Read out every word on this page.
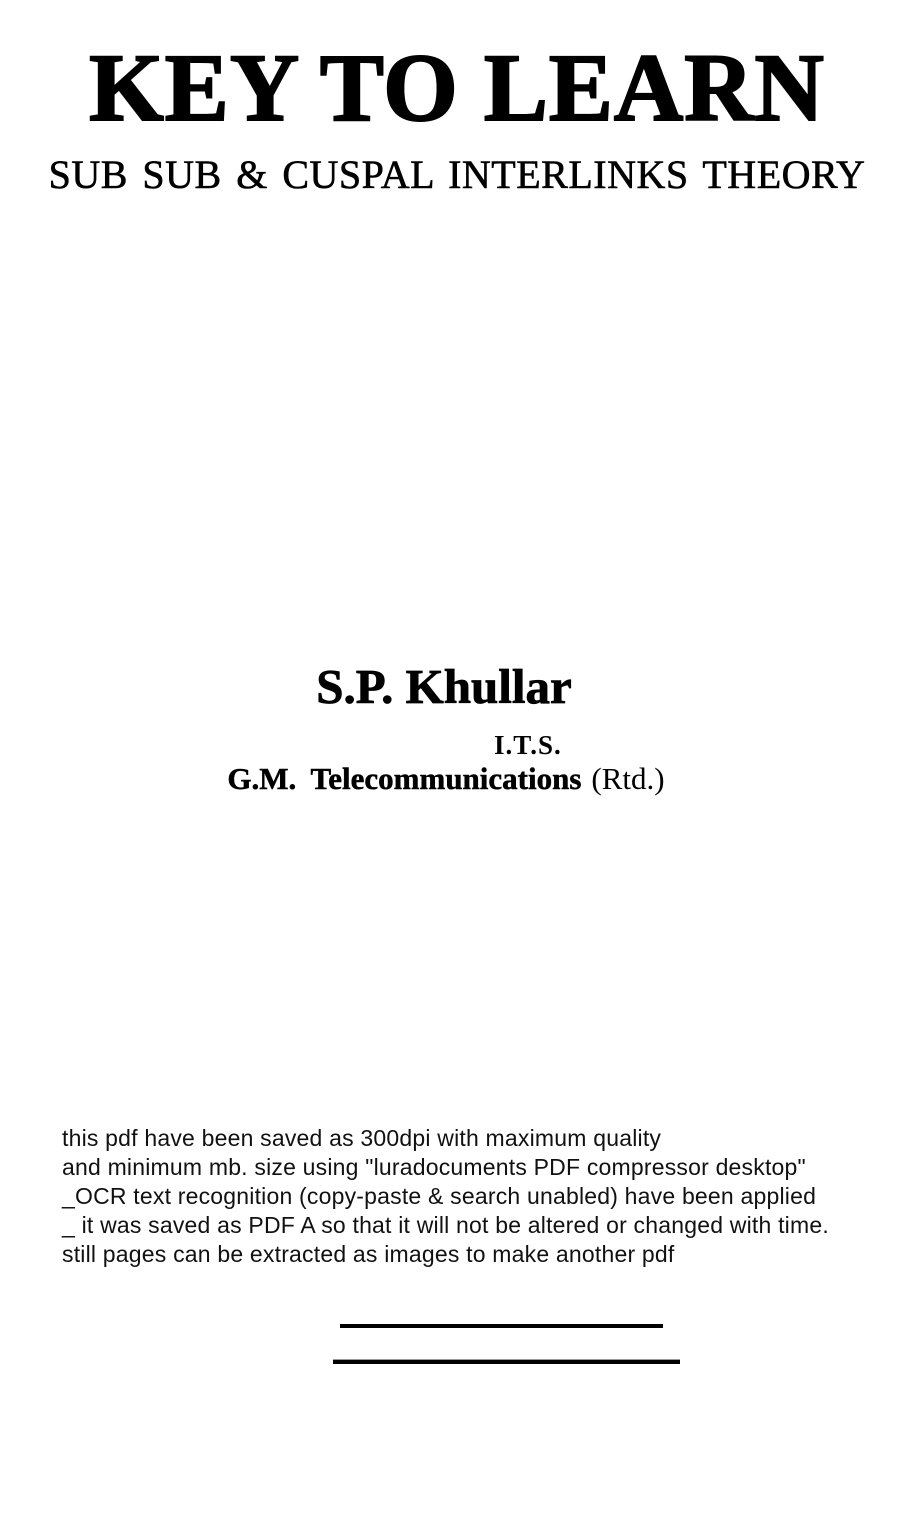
KEY TO LEARN
SUB SUB & CUSPAL INTERLINKS THEORY
S.P. Khullar
I.T.S.
G.M. Telecommunications (Rtd.)
this pdf have been saved as 300dpi with maximum quality
and minimum mb. size using "luradocuments PDF compressor desktop"
_OCR text recognition (copy-paste & search unabled) have been applied
_ it was saved as PDF A so that it will not be altered or changed with time.
still pages can be extracted as images to make another pdf
